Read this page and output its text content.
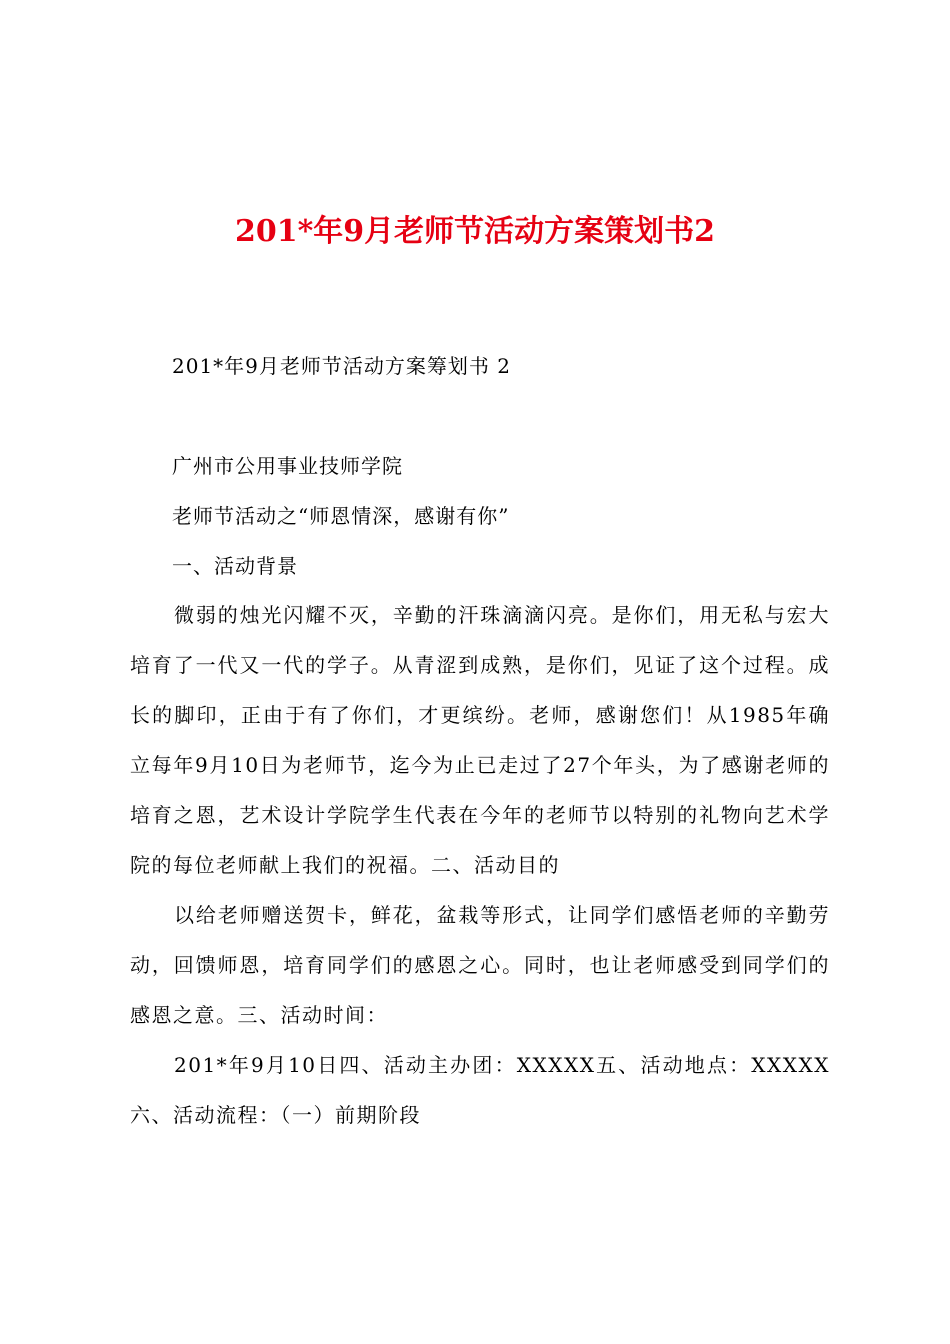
201*年9月老师节活动方案策划书2
201*年9月老师节活动方案筹划书 2
广州市公用事业技师学院
老师节活动之“师恩情深，感谢有你”
一、活动背景
微弱的烛光闪耀不灭，辛勤的汗珠滴滴闪亮。是你们，用无私与宏大培育了一代又一代的学子。从青涩到成熟，是你们，见证了这个过程。成长的脚印，正由于有了你们，才更缤纷。老师，感谢您们！从1985年确立每年9月10日为老师节，迄今为止已走过了27个年头，为了感谢老师的培育之恩，艺术设计学院学生代表在今年的老师节以特别的礼物向艺术学院的每位老师献上我们的祝福。二、活动目的
以给老师赠送贺卡，鲜花，盆栽等形式，让同学们感悟老师的辛勤劳动，回馈师恩，培育同学们的感恩之心。同时，也让老师感受到同学们的感恩之意。三、活动时间：
201*年9月10日四、活动主办团：XXXXX五、活动地点：XXXXX六、活动流程：（一）前期阶段
